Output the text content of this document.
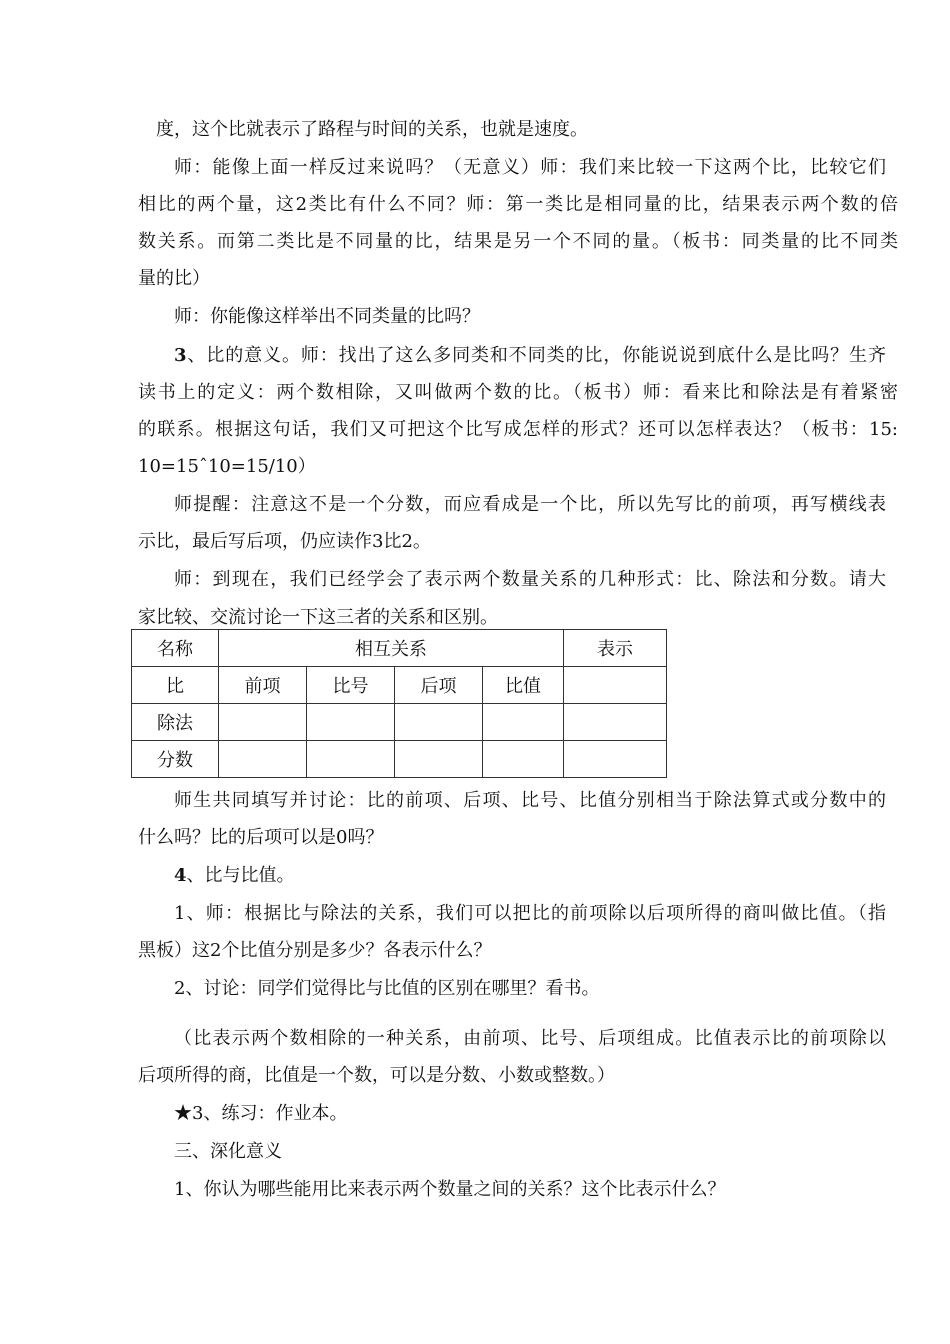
度，这个比就表示了路程与时间的关系，也就是速度。
师：能像上面一样反过来说吗？（无意义）师：我们来比较一下这两个比，比较它们
相比的两个量，这2类比有什么不同？师：第一类比是相同量的比，结果表示两个数的倍
数关系。而第二类比是不同量的比，结果是另一个不同的量。（板书：同类量的比不同类
量的比）
师：你能像这样举出不同类量的比吗？
3、比的意义。师：找出了这么多同类和不同类的比，你能说说到底什么是比吗？生齐
读书上的定义：两个数相除，又叫做两个数的比。（板书）师：看来比和除法是有着紧密
的联系。根据这句话，我们又可把这个比写成怎样的形式？还可以怎样表达？（板书：15:
10=15ˆ10=15/10）
师提醒：注意这不是一个分数，而应看成是一个比，所以先写比的前项，再写横线表
示比，最后写后项，仍应读作3比2。
师：到现在，我们已经学会了表示两个数量关系的几种形式：比、除法和分数。请大
家比较、交流讨论一下这三者的关系和区别。
名称	相互关系				表示
比	前项	比号	后项	比值	
除法					
分数					
师生共同填写并讨论：比的前项、后项、比号、比值分别相当于除法算式或分数中的
什么吗？比的后项可以是0吗？
4、比与比值。
1、师：根据比与除法的关系，我们可以把比的前项除以后项所得的商叫做比值。（指
黑板）这2个比值分别是多少？各表示什么？
2、讨论：同学们觉得比与比值的区别在哪里？看书。
（比表示两个数相除的一种关系，由前项、比号、后项组成。比值表示比的前项除以
后项所得的商，比值是一个数，可以是分数、小数或整数。）
★3、练习：作业本。
三、深化意义
1、你认为哪些能用比来表示两个数量之间的关系？这个比表示什么？
